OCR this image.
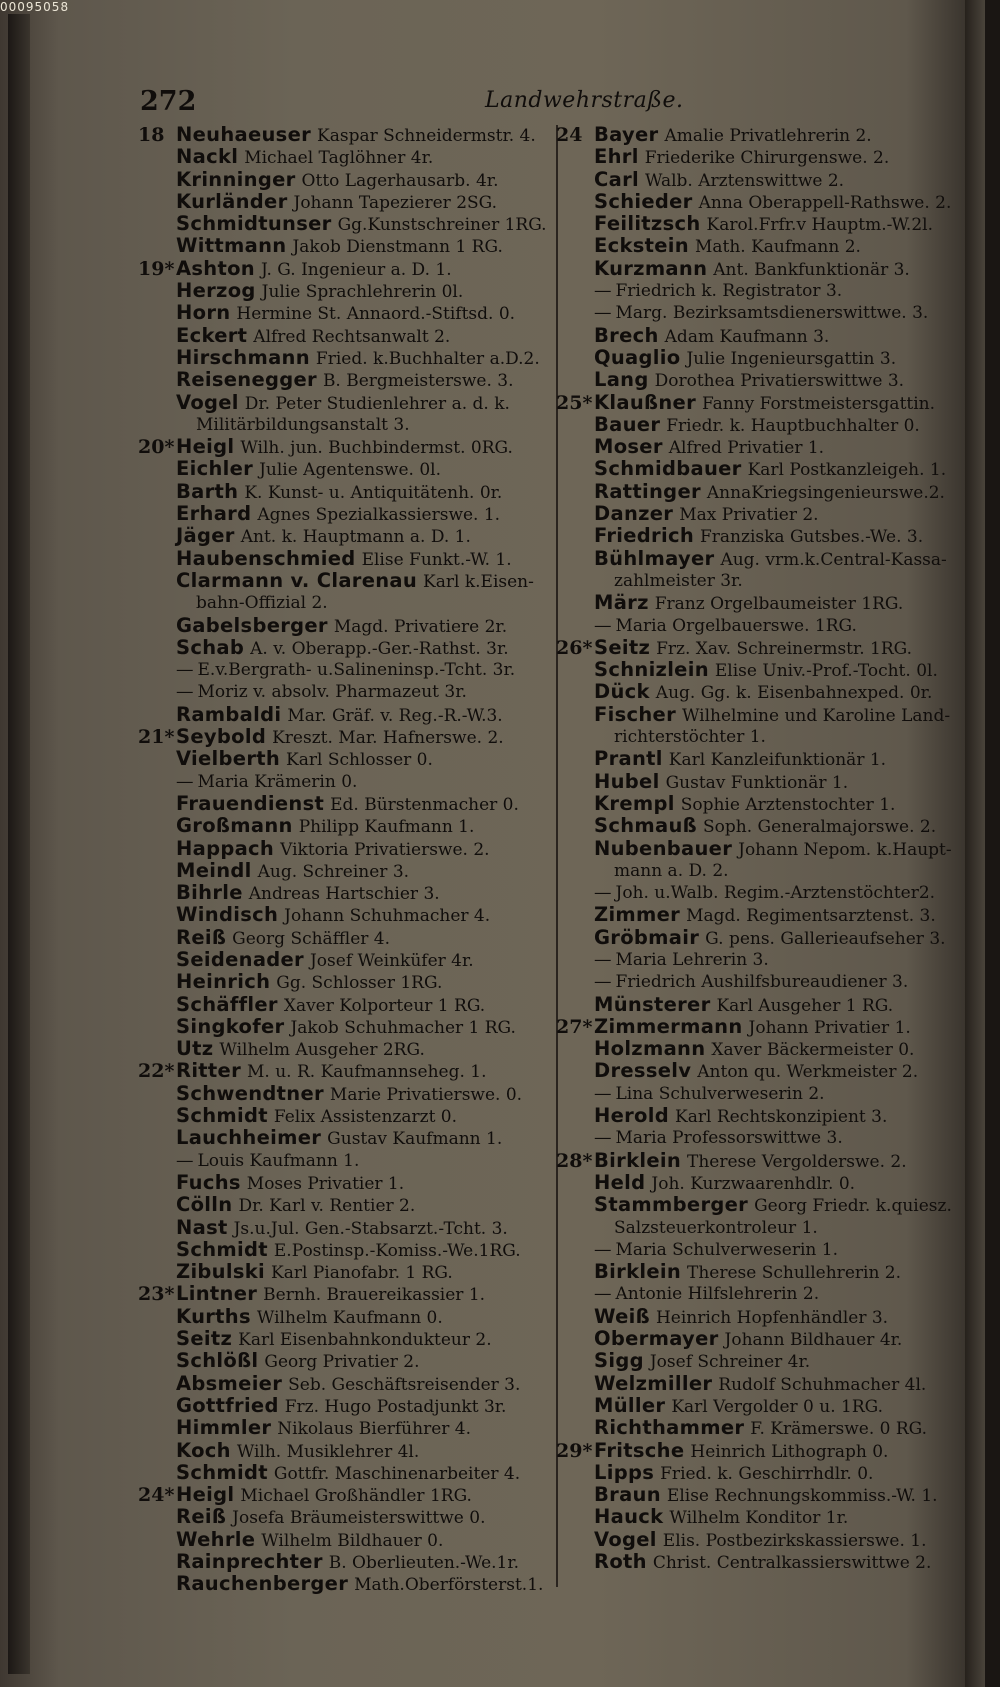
00095058
272	Landwehrstraße.
18 Neuhaeuser Kaspar Schneidermstr. 4.
Nackl Michael Taglöhner 4r.
Krinninger Otto Lagerhausarb. 4r.
Kurländer Johann Tapezierer 2SG.
Schmidtunser Gg.Kunstschreiner 1RG.
Wittmann Jakob Dienstmann 1 RG.
19* Ashton J. G. Ingenieur a. D. 1.
Herzog Julie Sprachlehrerin 0l.
Horn Hermine St. Annaord.-Stiftsd. 0.
Eckert Alfred Rechtsanwalt 2.
Hirschmann Fried. k.Buchhalter a.D.2.
Reisenegger B. Bergmeisterswe. 3.
Vogel Dr. Peter Studienlehrer a. d. k.
Militärbildungsanstalt 3.
20* Heigl Wilh. jun. Buchbindermst. 0RG.
Eichler Julie Agentenswe. 0l.
Barth K. Kunst- u. Antiquitätenh. 0r.
Erhard Agnes Spezialkassierswe. 1.
Jäger Ant. k. Hauptmann a. D. 1.
Haubenschmied Elise Funkt.-W. 1.
Clarmann v. Clarenau Karl k.Eisen-
bahn-Offizial 2.
Gabelsberger Magd. Privatiere 2r.
Schab A. v. Oberapp.-Ger.-Rathst. 3r.
— E.v.Bergrath- u.Salineninsp.-Tcht. 3r.
— Moriz v. absolv. Pharmazeut 3r.
Rambaldi Mar. Gräf. v. Reg.-R.-W.3.
21* Seybold Kreszt. Mar. Hafnerswe. 2.
Vielberth Karl Schlosser 0.
— Maria Krämerin 0.
Frauendienst Ed. Bürstenmacher 0.
Großmann Philipp Kaufmann 1.
Happach Viktoria Privatierswe. 2.
Meindl Aug. Schreiner 3.
Bihrle Andreas Hartschier 3.
Windisch Johann Schuhmacher 4.
Reiß Georg Schäffler 4.
Seidenader Josef Weinküfer 4r.
Heinrich Gg. Schlosser 1RG.
Schäffler Xaver Kolporteur 1 RG.
Singkofer Jakob Schuhmacher 1 RG.
Utz Wilhelm Ausgeher 2RG.
22* Ritter M. u. R. Kaufmannseheg. 1.
Schwendtner Marie Privatierswe. 0.
Schmidt Felix Assistenzarzt 0.
Lauchheimer Gustav Kaufmann 1.
— Louis Kaufmann 1.
Fuchs Moses Privatier 1.
Cölln Dr. Karl v. Rentier 2.
Nast Js.u.Jul. Gen.-Stabsarzt.-Tcht. 3.
Schmidt E.Postinsp.-Komiss.-We.1RG.
Zibulski Karl Pianofabr. 1 RG.
23* Lintner Bernh. Brauereikassier 1.
Kurths Wilhelm Kaufmann 0.
Seitz Karl Eisenbahnkondukteur 2.
Schlößl Georg Privatier 2.
Absmeier Seb. Geschäftsreisender 3.
Gottfried Frz. Hugo Postadjunkt 3r.
Himmler Nikolaus Bierführer 4.
Koch Wilh. Musiklehrer 4l.
Schmidt Gottfr. Maschinenarbeiter 4.
24* Heigl Michael Großhändler 1RG.
Reiß Josefa Bräumeisterswittwe 0.
Wehrle Wilhelm Bildhauer 0.
Rainprechter B. Oberlieuten.-We.1r.
Rauchenberger Math.Oberförsterst.1.
24 Bayer Amalie Privatlehrerin 2.
Ehrl Friederike Chirurgenswe. 2.
Carl Walb. Arztenswittwe 2.
Schieder Anna Oberappell-Rathswe. 2.
Feilitzsch Karol.Frfr.v Hauptm.-W.2l.
Eckstein Math. Kaufmann 2.
Kurzmann Ant. Bankfunktionär 3.
— Friedrich k. Registrator 3.
— Marg. Bezirksamtsdienerswittwe. 3.
Brech Adam Kaufmann 3.
Quaglio Julie Ingenieursgattin 3.
Lang Dorothea Privatierswittwe 3.
25* Klaußner Fanny Forstmeistersgattin.
Bauer Friedr. k. Hauptbuchhalter 0.
Moser Alfred Privatier 1.
Schmidbauer Karl Postkanzleigeh. 1.
Rattinger AnnaKriegsingenieurswe.2.
Danzer Max Privatier 2.
Friedrich Franziska Gutsbes.-We. 3.
Bühlmayer Aug. vrm.k.Central-Kassa-
zahlmeister 3r.
März Franz Orgelbaumeister 1RG.
— Maria Orgelbauerswe. 1RG.
26* Seitz Frz. Xav. Schreinermstr. 1RG.
Schnizlein Elise Univ.-Prof.-Tocht. 0l.
Dück Aug. Gg. k. Eisenbahnexped. 0r.
Fischer Wilhelmine und Karoline Land-
richterstöchter 1.
Prantl Karl Kanzleifunktionär 1.
Hubel Gustav Funktionär 1.
Krempl Sophie Arztenstochter 1.
Schmauß Soph. Generalmajorswe. 2.
Nubenbauer Johann Nepom. k.Haupt-
mann a. D. 2.
— Joh. u.Walb. Regim.-Arztenstöchter2.
Zimmer Magd. Regimentsarztenst. 3.
Gröbmair G. pens. Gallerieaufseher 3.
— Maria Lehrerin 3.
— Friedrich Aushilfsbureaudiener 3.
Münsterer Karl Ausgeher 1 RG.
27* Zimmermann Johann Privatier 1.
Holzmann Xaver Bäckermeister 0.
Dresselv Anton qu. Werkmeister 2.
— Lina Schulverweserin 2.
Herold Karl Rechtskonzipient 3.
— Maria Professorswittwe 3.
28* Birklein Therese Vergolderswe. 2.
Held Joh. Kurzwaarenhdlr. 0.
Stammberger Georg Friedr. k.quiesz.
Salzsteuerkontroleur 1.
— Maria Schulverweserin 1.
Birklein Therese Schullehrerin 2.
— Antonie Hilfslehrerin 2.
Weiß Heinrich Hopfenhändler 3.
Obermayer Johann Bildhauer 4r.
Sigg Josef Schreiner 4r.
Welzmiller Rudolf Schuhmacher 4l.
Müller Karl Vergolder 0 u. 1RG.
Richthammer F. Krämerswe. 0 RG.
29* Fritsche Heinrich Lithograph 0.
Lipps Fried. k. Geschirrhdlr. 0.
Braun Elise Rechnungskommiss.-W. 1.
Hauck Wilhelm Konditor 1r.
Vogel Elis. Postbezirkskassierswe. 1.
Roth Christ. Centralkassierswittwe 2.
